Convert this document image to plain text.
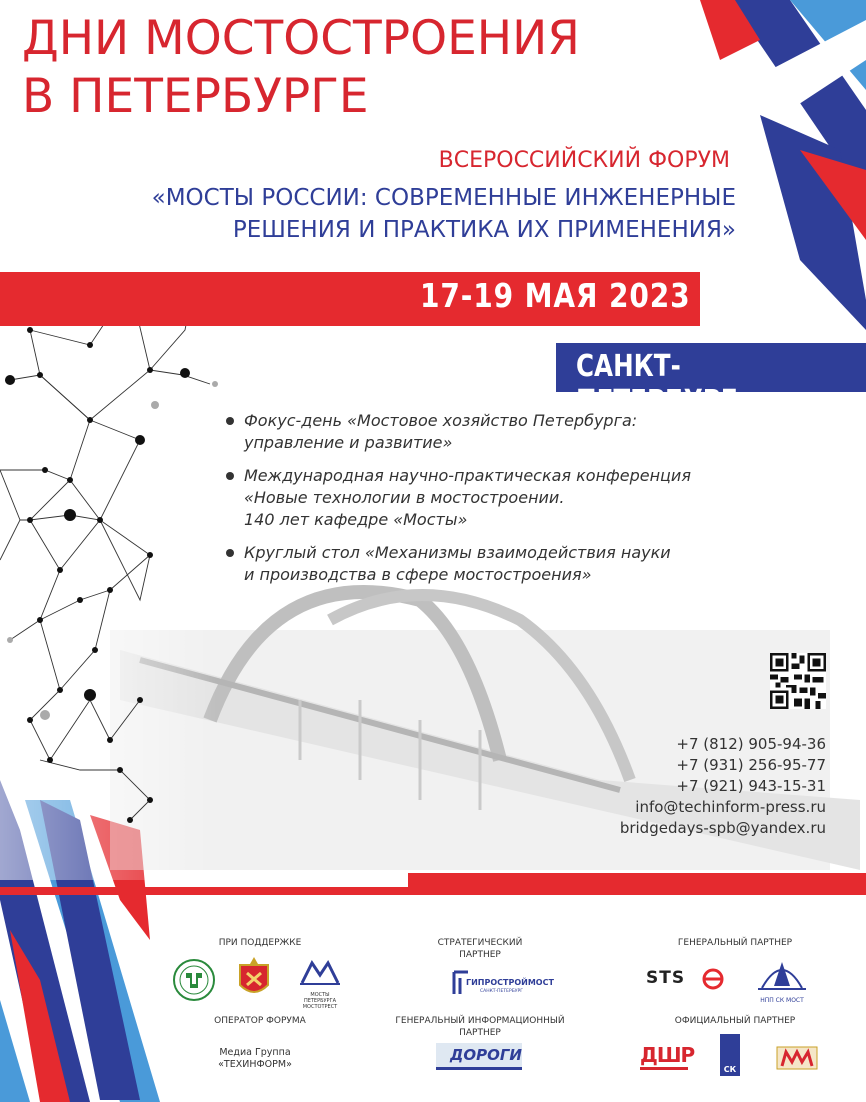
ДНИ МОСТОСТРОЕНИЯ
В ПЕТЕРБУРГЕ
ВСЕРОССИЙСКИЙ ФОРУМ
«МОСТЫ РОССИИ: СОВРЕМЕННЫЕ ИНЖЕНЕРНЫЕ
РЕШЕНИЯ И ПРАКТИКА ИХ ПРИМЕНЕНИЯ»
17-19 МАЯ 2023
САНКТ-ПЕТЕРБУРГ
Фокус-день «Мостовое хозяйство Петербурга:
управление и развитие»
Международная научно-практическая конференция
«Новые технологии в мостостроении.
140 лет кафедре «Мосты»
Круглый стол «Механизмы взаимодействия науки
и производства в сфере мостостроения»
+7 (812) 905-94-36
+7 (931) 256-95-77
+7 (921) 943-15-31
info@techinform-press.ru
bridgedays-spb@yandex.ru
ПРИ ПОДДЕРЖКЕ	СТРАТЕГИЧЕСКИЙ
ПАРТНЕР
ГЕНЕРАЛЬНЫЙ ПАРТНЕР
ОПЕРАТОР ФОРУМА	ГЕНЕРАЛЬНЫЙ ИНФОРМАЦИОННЫЙ
ПАРТНЕР
ОФИЦИАЛЬНЫЙ ПАРТНЕР
Медиа Группа
«ТЕХИНФОРМ»
МОСТЫ ПЕТЕРБУРГА МОСТОТРЕСТ
ГИПРОСТРОЙМОСТ
САНКТ-ПЕТЕРБУРГ
STS
НПП СК МОСТ
ДОРОГИ	ДШР
СК
